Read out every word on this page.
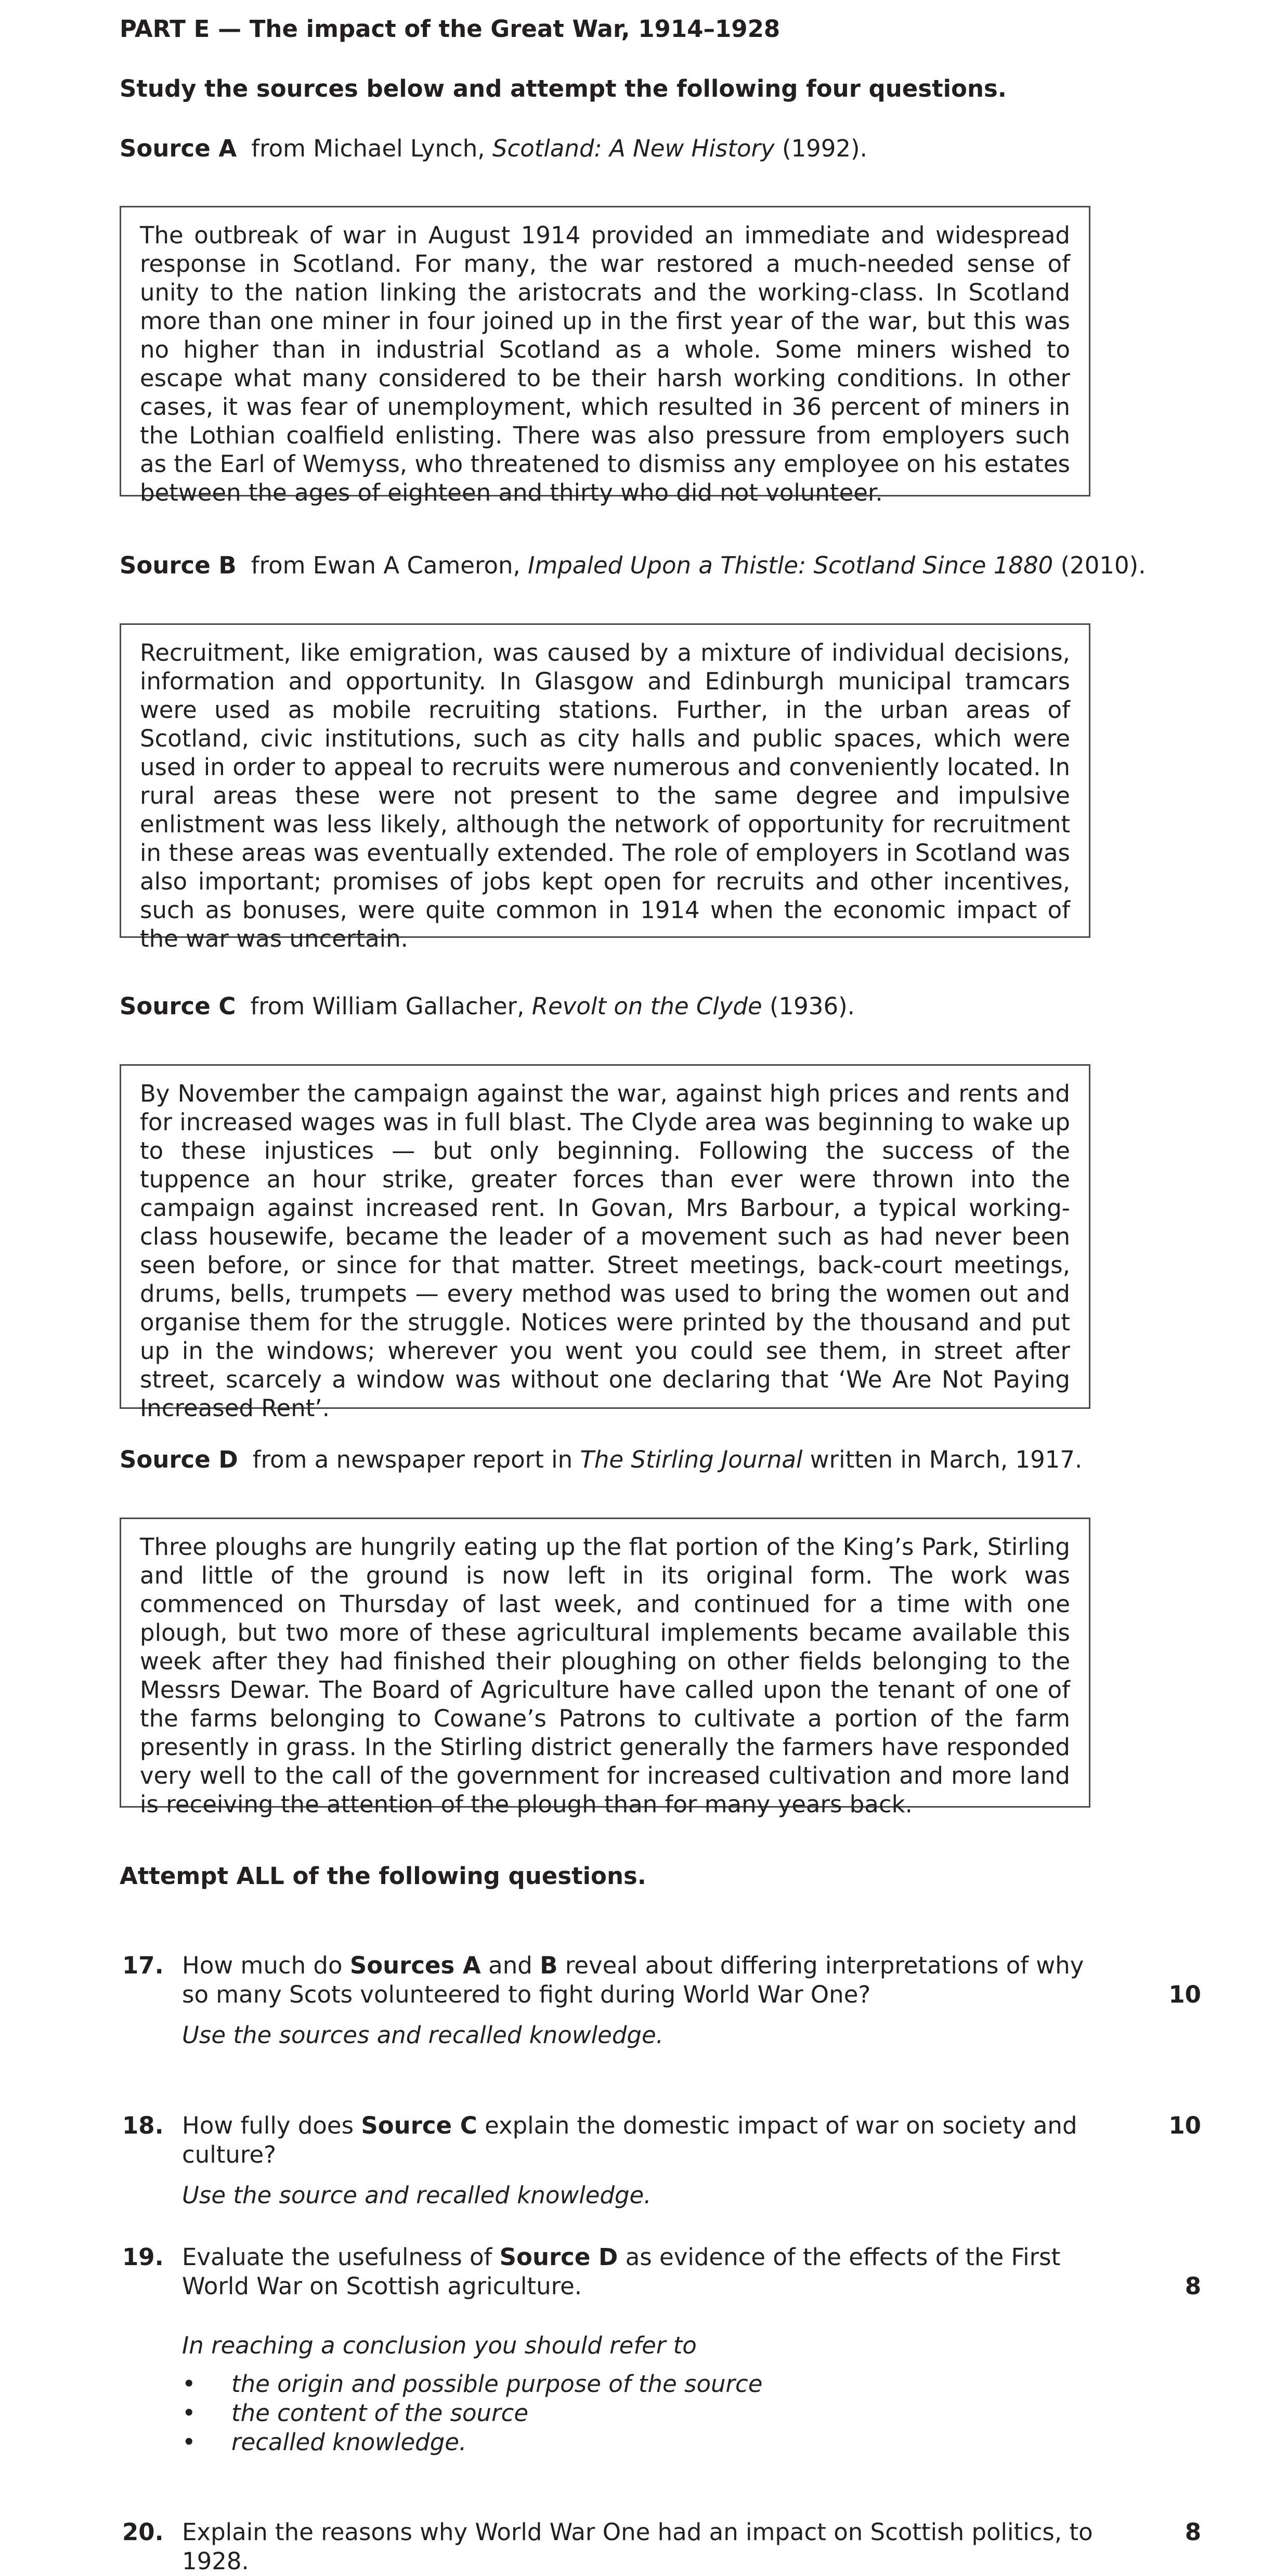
PART E — The impact of the Great War, 1914–1928
Study the sources below and attempt the following four questions.
Source A from Michael Lynch, Scotland: A New History (1992).

The outbreak of war in August 1914 provided an immediate and widespread response in Scotland. For many, the war restored a much-needed sense of unity to the nation linking the aristocrats and the working-class. In Scotland more than one miner in four joined up in the first year of the war, but this was no higher than in industrial Scotland as a whole. Some miners wished to escape what many considered to be their harsh working conditions. In other cases, it was fear of unemployment, which resulted in 36 percent of miners in the Lothian coalfield enlisting. There was also pressure from employers such as the Earl of Wemyss, who threatened to dismiss any employee on his estates between the ages of eighteen and thirty who did not volunteer.

Source B from Ewan A Cameron, Impaled Upon a Thistle: Scotland Since 1880 (2010).

Recruitment, like emigration, was caused by a mixture of individual decisions, information and opportunity. In Glasgow and Edinburgh municipal tramcars were used as mobile recruiting stations. Further, in the urban areas of Scotland, civic institutions, such as city halls and public spaces, which were used in order to appeal to recruits were numerous and conveniently located. In rural areas these were not present to the same degree and impulsive enlistment was less likely, although the network of opportunity for recruitment in these areas was eventually extended. The role of employers in Scotland was also important; promises of jobs kept open for recruits and other incentives, such as bonuses, were quite common in 1914 when the economic impact of the war was uncertain.

Source C from William Gallacher, Revolt on the Clyde (1936).

By November the campaign against the war, against high prices and rents and for increased wages was in full blast. The Clyde area was beginning to wake up to these injustices — but only beginning. Following the success of the tuppence an hour strike, greater forces than ever were thrown into the campaign against increased rent. In Govan, Mrs Barbour, a typical working-class housewife, became the leader of a movement such as had never been seen before, or since for that matter. Street meetings, back-court meetings, drums, bells, trumpets — every method was used to bring the women out and organise them for the struggle. Notices were printed by the thousand and put up in the windows; wherever you went you could see them, in street after street, scarcely a window was without one declaring that ‘We Are Not Paying Increased Rent’.

Source D from a newspaper report in The Stirling Journal written in March, 1917.

Three ploughs are hungrily eating up the flat portion of the King’s Park, Stirling and little of the ground is now left in its original form. The work was commenced on Thursday of last week, and continued for a time with one plough, but two more of these agricultural implements became available this week after they had finished their ploughing on other fields belonging to the Messrs Dewar. The Board of Agriculture have called upon the tenant of one of the farms belonging to Cowane’s Patrons to cultivate a portion of the farm presently in grass. In the Stirling district generally the farmers have responded very well to the call of the government for increased cultivation and more land is receiving the attention of the plough than for many years back.

Attempt ALL of the following questions.
17. How much do Sources A and B reveal about differing interpretations of why so many Scots volunteered to fight during World War One?
Use the sources and recalled knowledge.
10
18. How fully does Source C explain the domestic impact of war on society and culture?
Use the source and recalled knowledge.
10
19. Evaluate the usefulness of Source D as evidence of the effects of the First World War on Scottish agriculture.
In reaching a conclusion you should refer to
• the origin and possible purpose of the source
• the content of the source
• recalled knowledge.
8
20. Explain the reasons why World War One had an impact on Scottish politics, to 1928.
8
